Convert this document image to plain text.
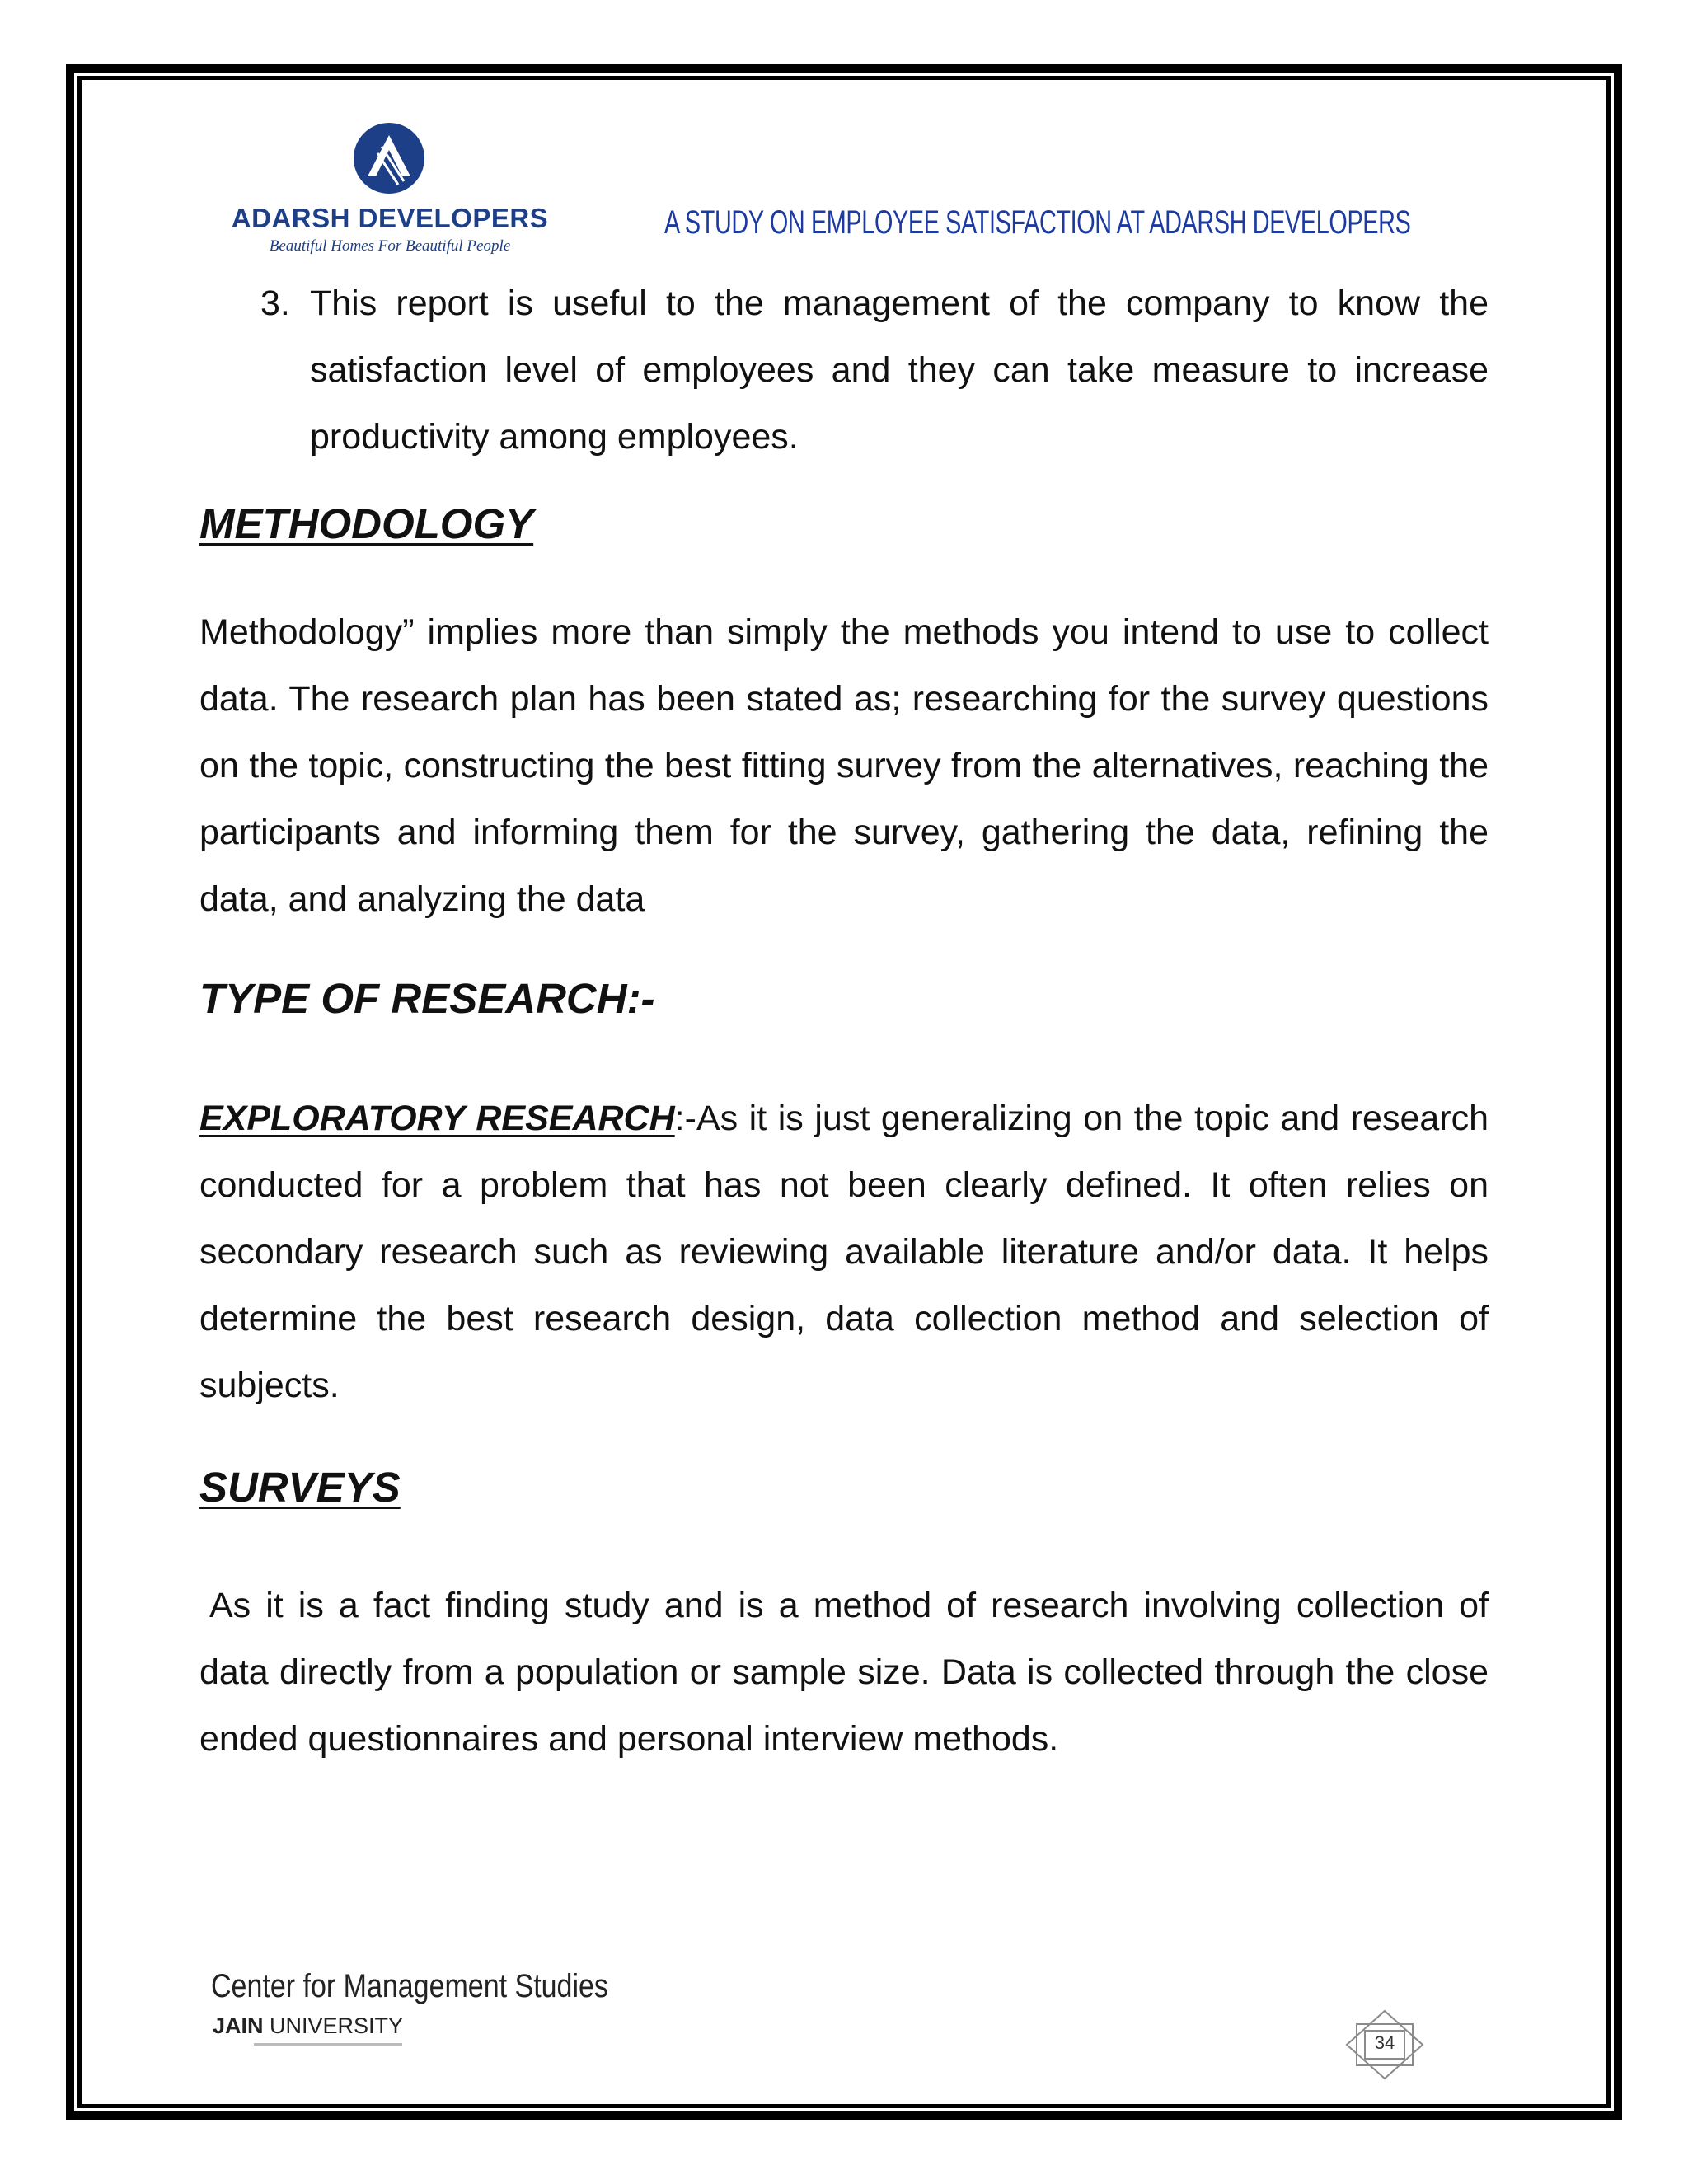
ADARSH DEVELOPERS
Beautiful Homes For Beautiful People
A STUDY ON EMPLOYEE SATISFACTION AT ADARSH DEVELOPERS
3. This report is useful to the management of the company to know the satisfaction level of employees and they can take measure to increase productivity among employees.

METHODOLOGY

Methodology” implies more than simply the methods you intend to use to collect data. The research plan has been stated as; researching for the survey questions on the topic, constructing the best fitting survey from the alternatives, reaching the participants and informing them for the survey, gathering the data, refining the data, and analyzing the data

TYPE OF RESEARCH:-

EXPLORATORY RESEARCH:-As it is just generalizing on the topic and research conducted for a problem that has not been clearly defined. It often relies on secondary research such as reviewing available literature and/or data. It helps determine the best research design, data collection method and selection of subjects.

SURVEYS

As it is a fact finding study and is a method of research involving collection of data directly from a population or sample size. Data is collected through the close ended questionnaires and personal interview methods.

Center for Management Studies
JAIN UNIVERSITY
34
